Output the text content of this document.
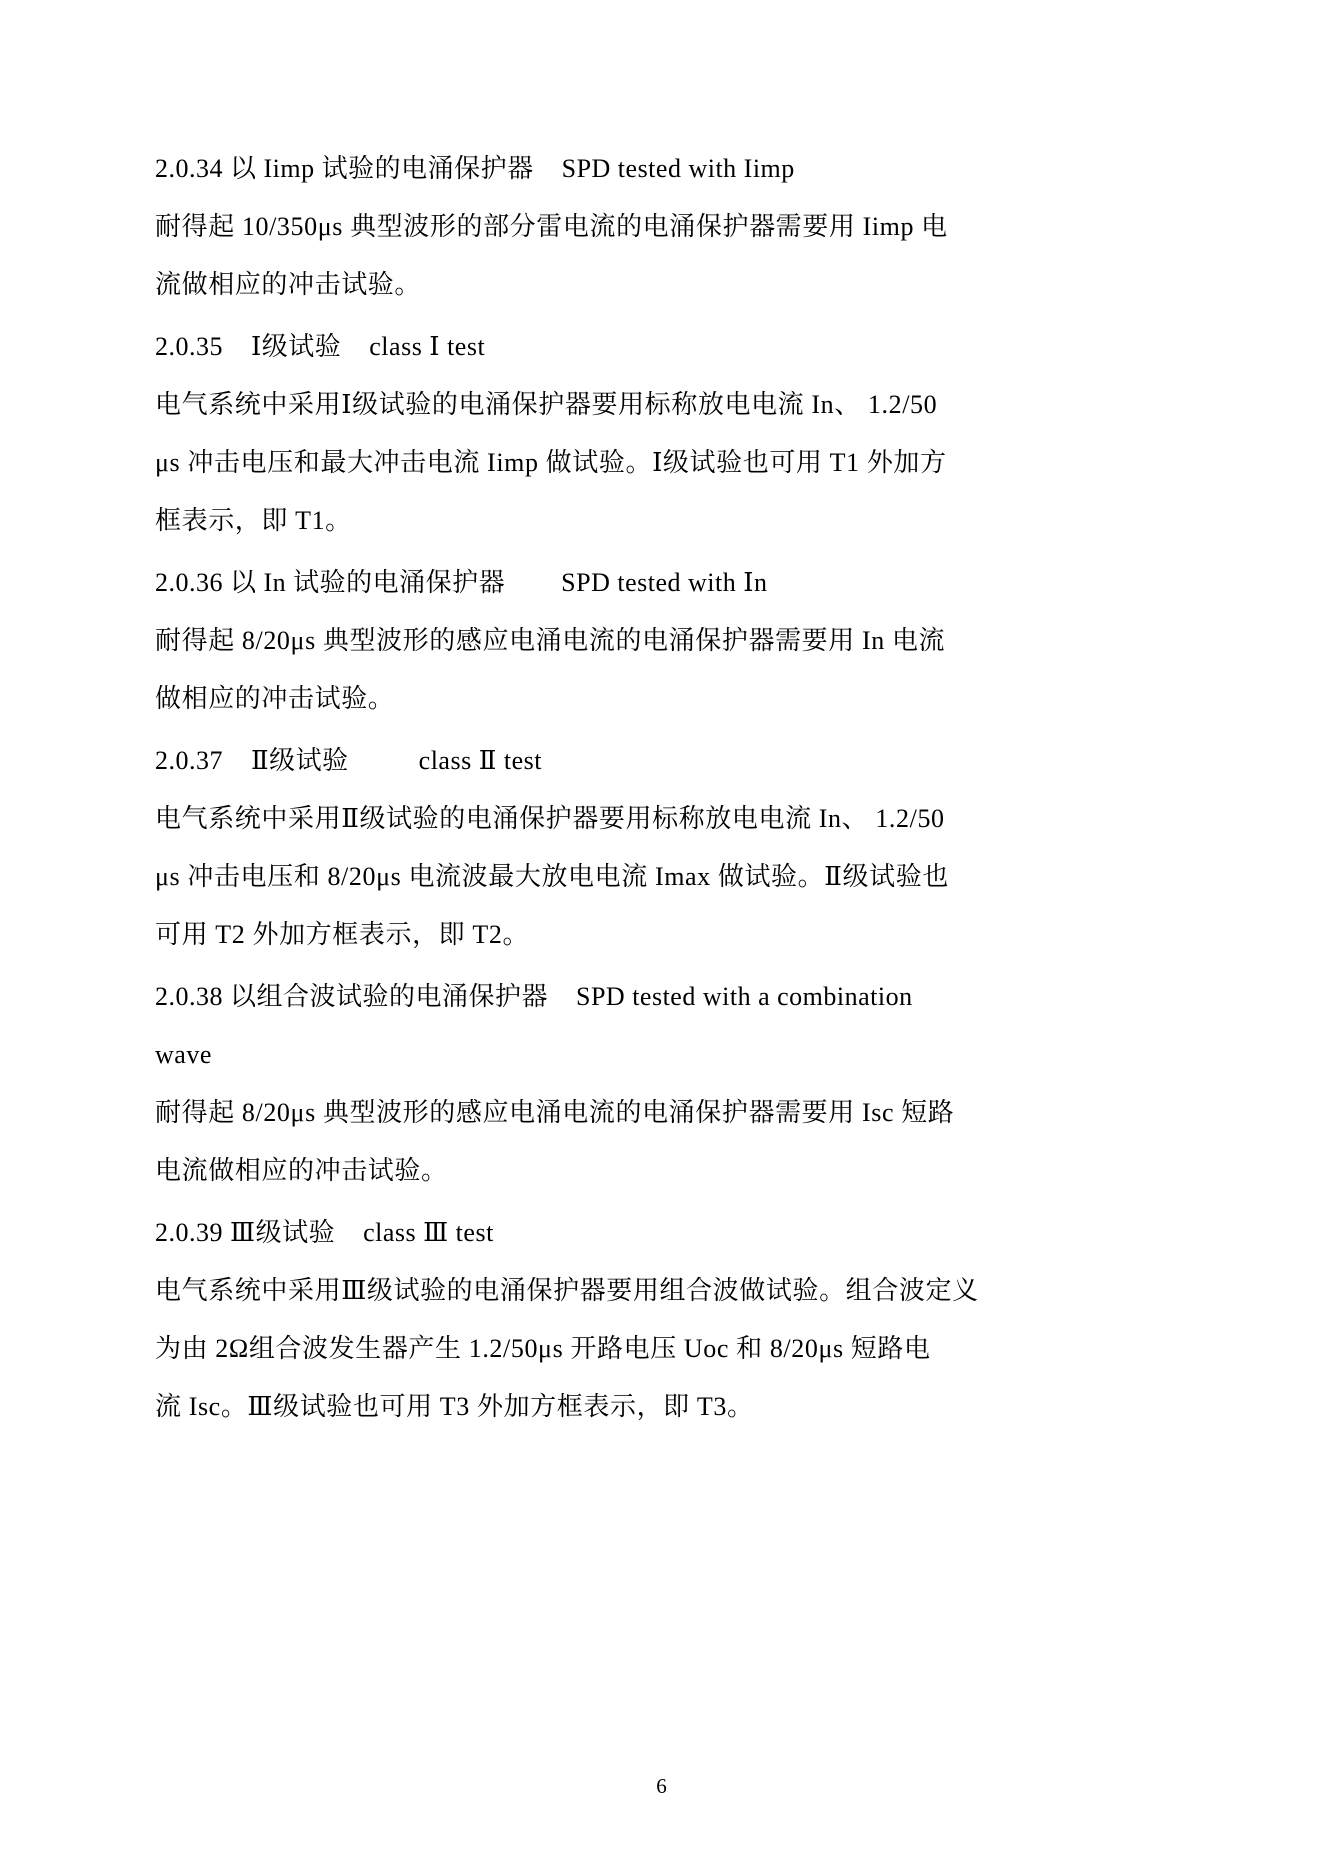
2.0.34 以 Iimp 试验的电涌保护器    SPD tested with Iimp
耐得起 10/350μs 典型波形的部分雷电流的电涌保护器需要用 Iimp 电
流做相应的冲击试验。
2.0.35    Ⅰ级试验    class Ⅰ test
电气系统中采用Ⅰ级试验的电涌保护器要用标称放电电流 In、 1.2/50
μs 冲击电压和最大冲击电流 Iimp 做试验。Ⅰ级试验也可用 T1 外加方
框表示，即 T1。
2.0.36 以 In 试验的电涌保护器        SPD tested with Ⅰn
耐得起 8/20μs 典型波形的感应电涌电流的电涌保护器需要用 In 电流
做相应的冲击试验。
2.0.37    Ⅱ级试验          class Ⅱ test
电气系统中采用Ⅱ级试验的电涌保护器要用标称放电电流 In、 1.2/50
μs 冲击电压和 8/20μs 电流波最大放电电流 Imax 做试验。Ⅱ级试验也
可用 T2 外加方框表示，即 T2。
2.0.38 以组合波试验的电涌保护器    SPD tested with a combination
wave
耐得起 8/20μs 典型波形的感应电涌电流的电涌保护器需要用 Isc 短路
电流做相应的冲击试验。
2.0.39 Ⅲ级试验    class Ⅲ test
电气系统中采用Ⅲ级试验的电涌保护器要用组合波做试验。组合波定义
为由 2Ω组合波发生器产生 1.2/50μs 开路电压 Uoc 和 8/20μs 短路电
流 Isc。Ⅲ级试验也可用 T3 外加方框表示，即 T3。
6
